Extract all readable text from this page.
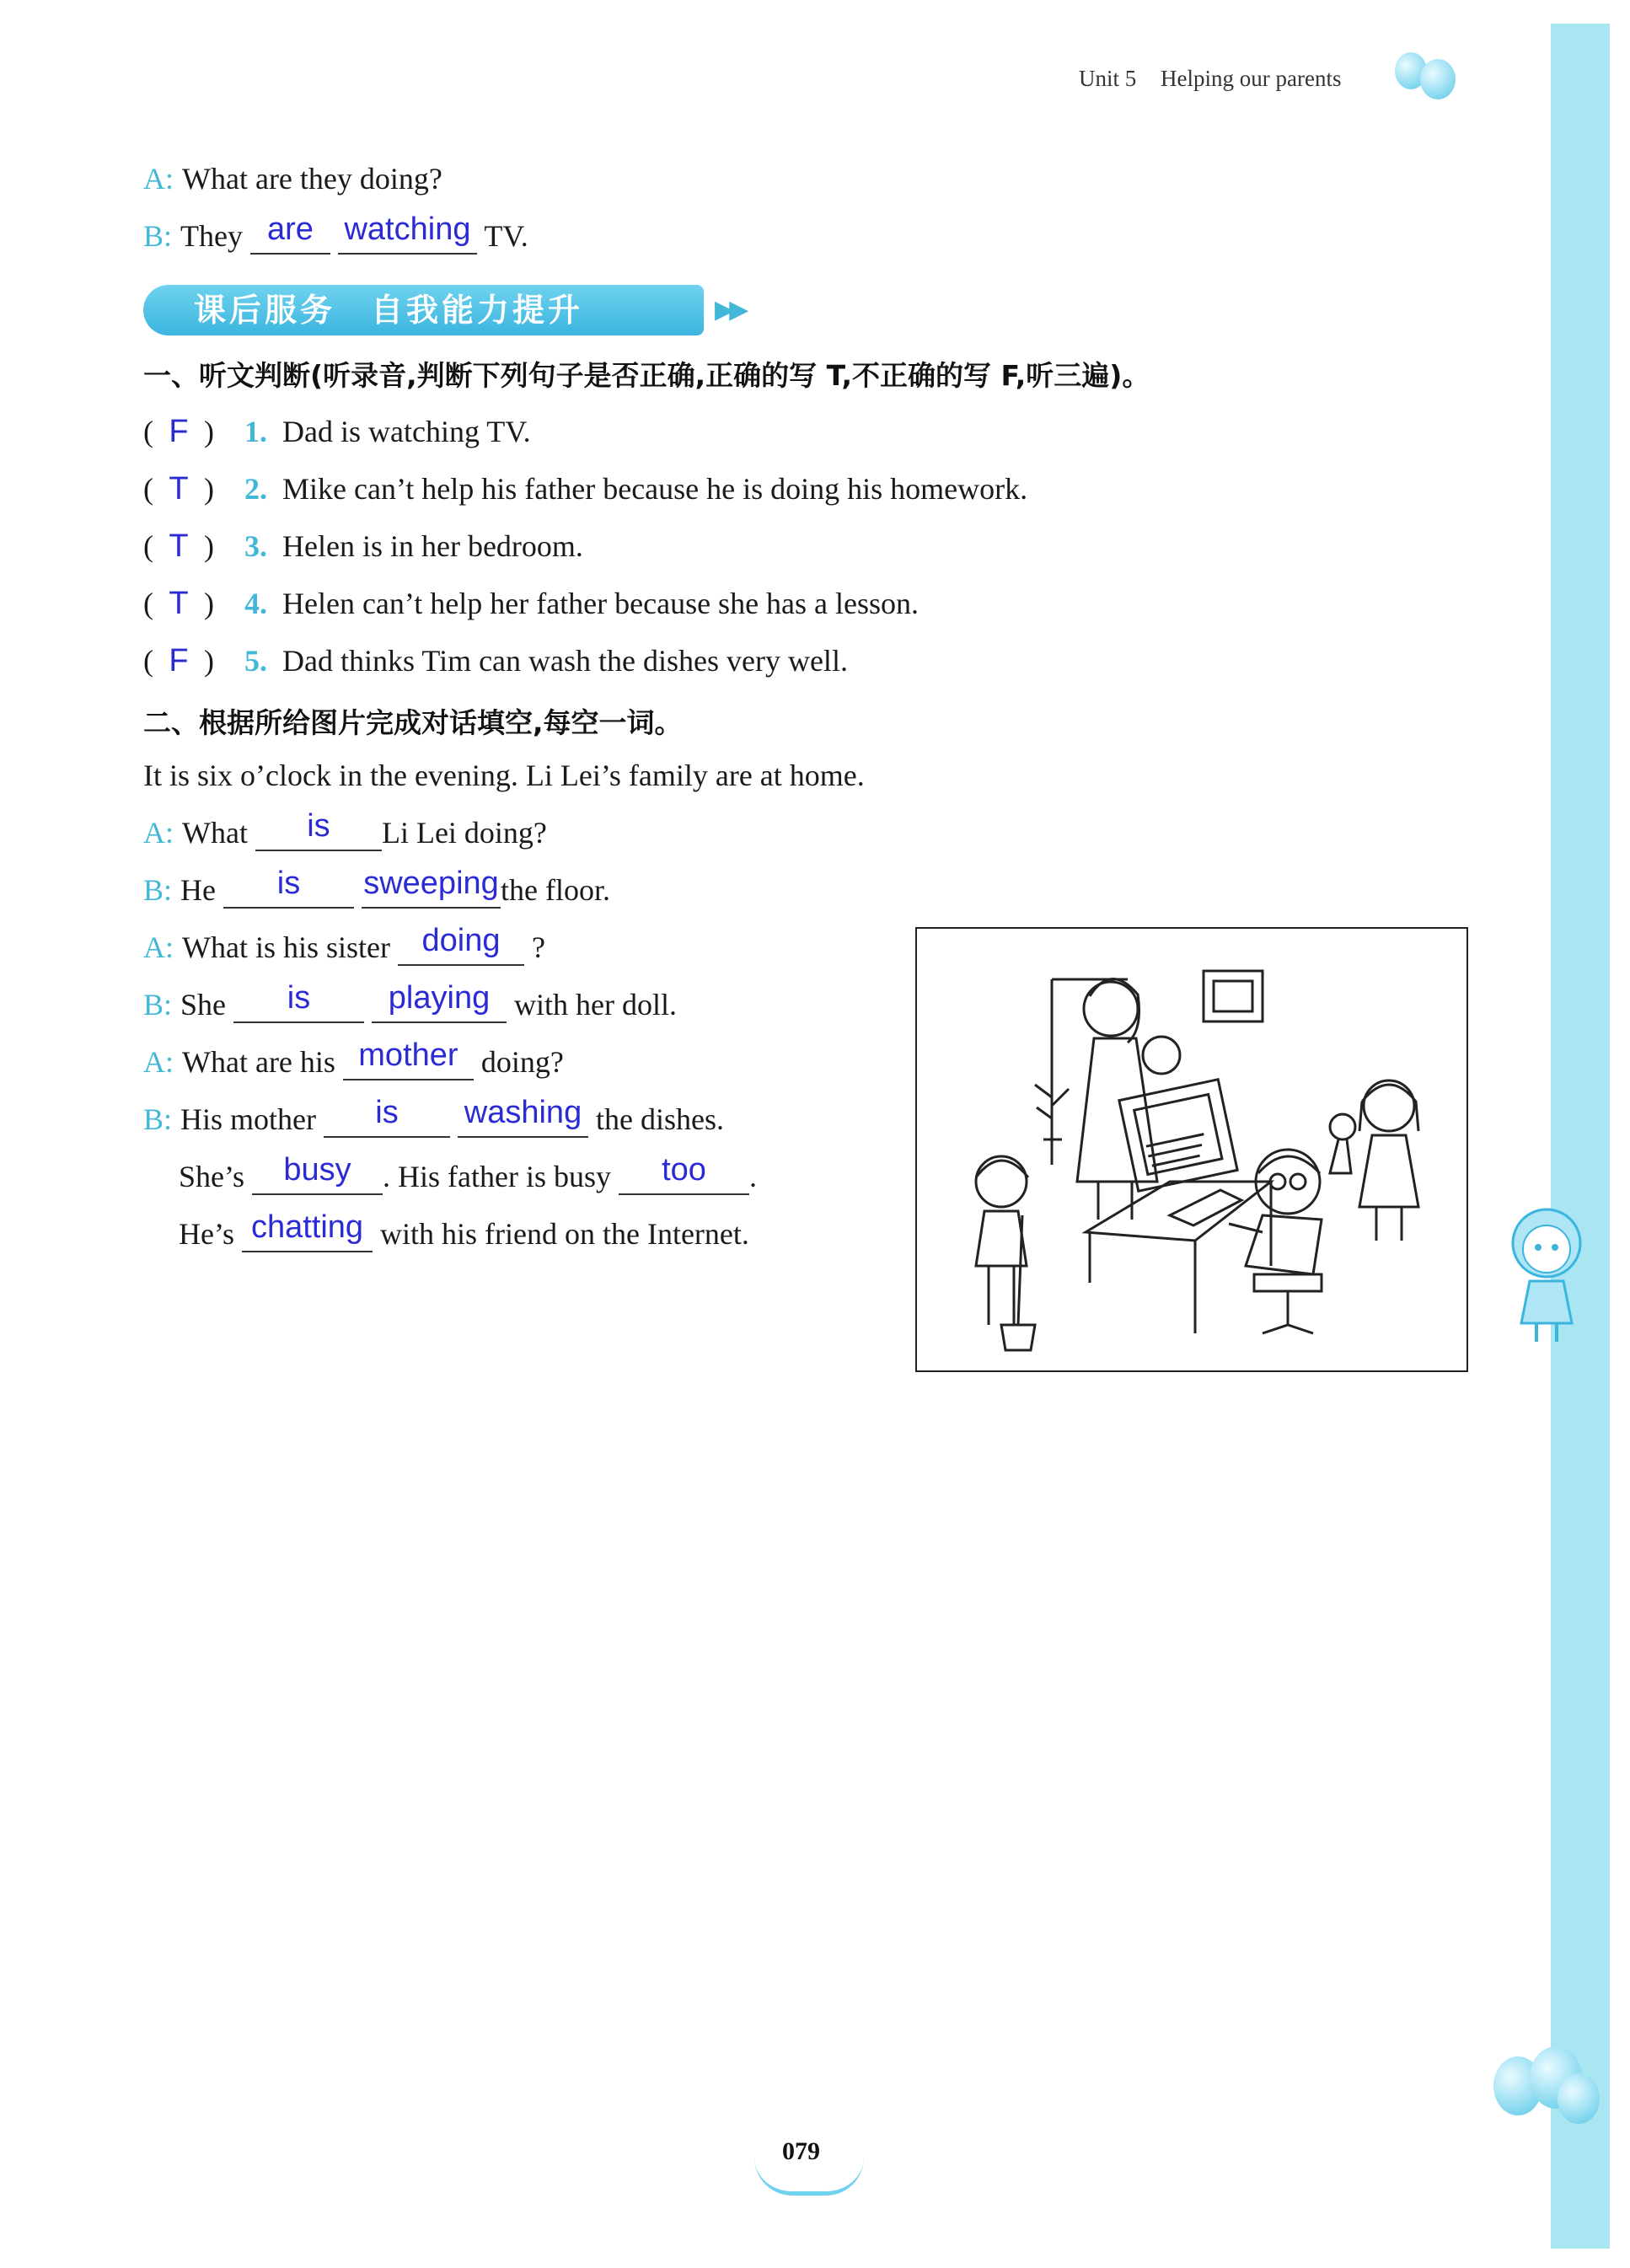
Unit 5 Helping our parents
A: What are they doing?
B: They are
watching TV.
课后服务　自我能力提升	▶▶
一、听文判断(听录音,判断下列句子是否正确,正确的写 T,不正确的写 F,听三遍)。
( F ) 1. Dad is watching TV.
( T ) 2. Mike can’t help his father because he is doing his homework.
( T ) 3. Helen is in her bedroom.
( T ) 4. Helen can’t help her father because she has a lesson.
( F ) 5. Dad thinks Tim can wash the dishes very well.
二、根据所给图片完成对话填空,每空一词。
It is six o’clock in the evening. Li Lei’s family are at home.
A: What	is	Li Lei doing?
B: He	is
	sweeping the floor.
A: What is his sister doing	?
B: She	is
	playing with her doll.
A: What are his mother doing?
B: His mother	is
	washing the dishes.
She’s	busy	. His father is busy	too	.
He’s chatting with his friend on the Internet.
079
